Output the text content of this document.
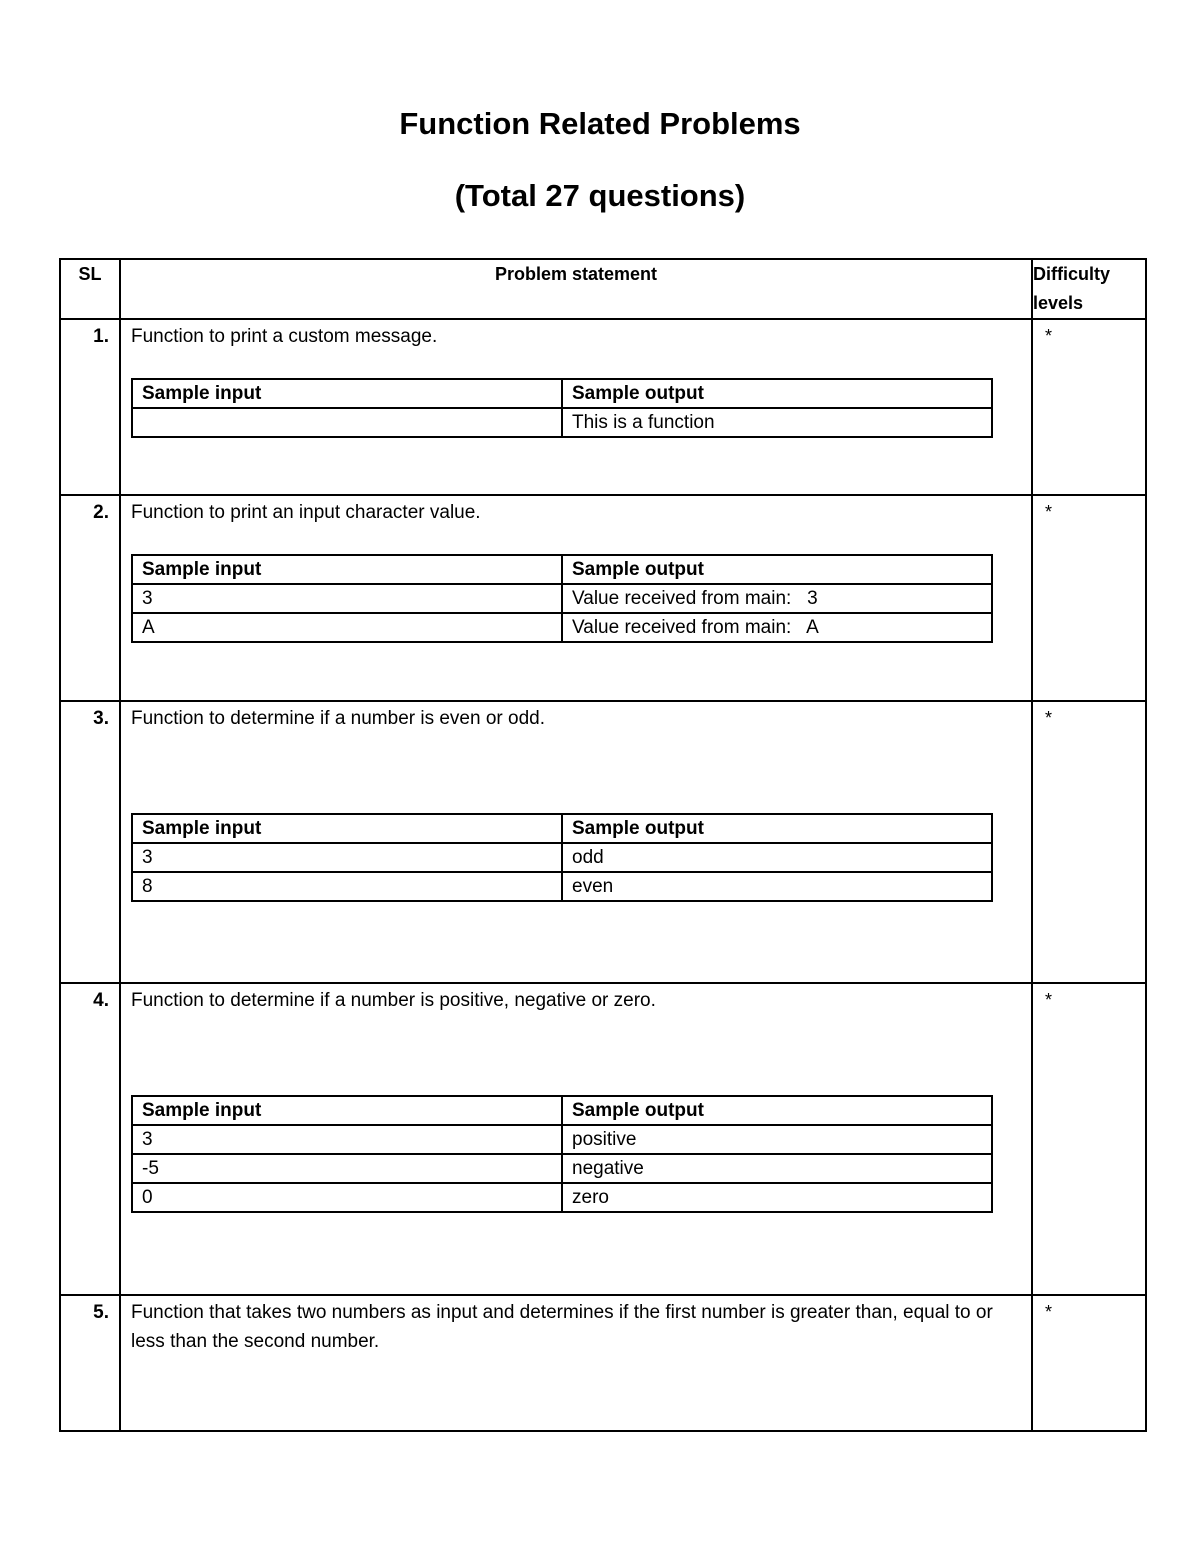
Function Related Problems
(Total 27 questions)
SL	Problem statement	Difficulty levels
1.	Function to print a custom message.
Sample input	Sample output
	This is a function
	*
2.	Function to print an input character value.
Sample input	Sample output
3	Value received from main:   3
A	Value received from main:   A
	*
3.	Function to determine if a number is even or odd.
Sample input	Sample output
3	odd
8	even
	*
4.	Function to determine if a number is positive, negative or zero.
Sample input	Sample output
3	positive
-5	negative
0	zero
	*
5.	Function that takes two numbers as input and determines if the first number is greater than, equal to or less than the second number.
	*
